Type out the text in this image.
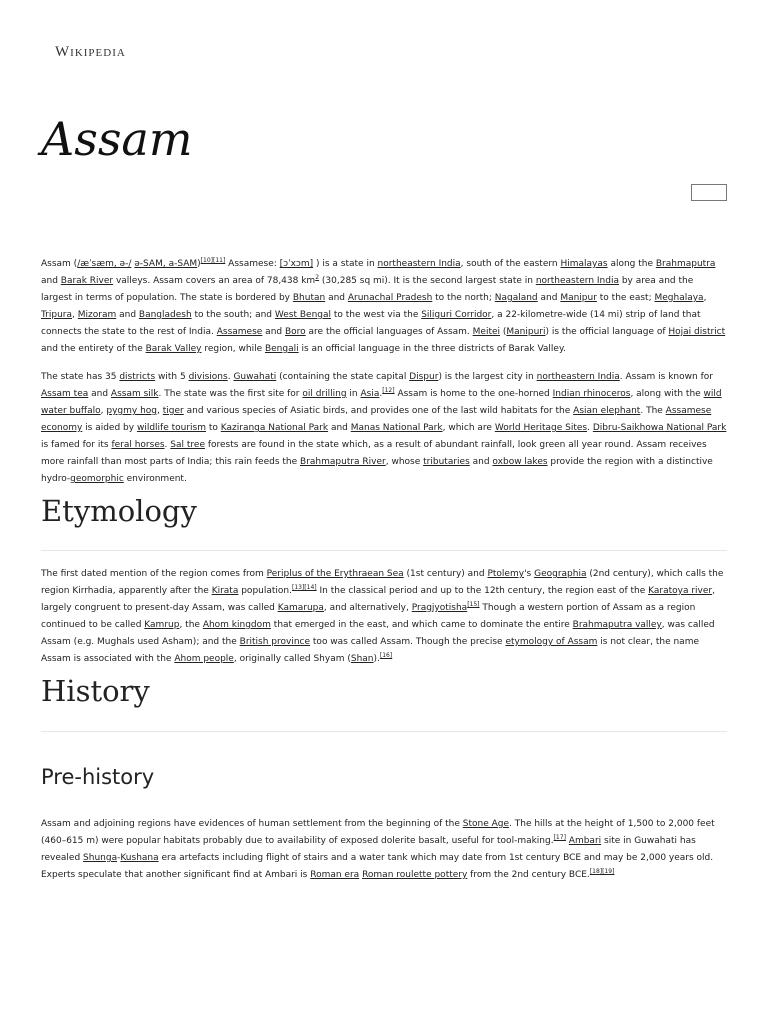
Wikipedia
Assam

Assam (/æˈsæm, ə-/ ə-SAM, a-SAM)[10][11] Assamese: [ɔˈxɔm] ) is a state in northeastern India, south of the eastern Himalayas along the Brahmaputra and Barak River valleys. Assam covers an area of 78,438 km$^2$ (30,285 sq mi). It is the second largest state in northeastern India by area and the largest in terms of population. The state is bordered by Bhutan and Arunachal Pradesh to the north; Nagaland and Manipur to the east; Meghalaya, Tripura, Mizoram and Bangladesh to the south; and West Bengal to the west via the Siliguri Corridor, a 22-kilometre-wide (14 mi) strip of land that connects the state to the rest of India. Assamese and Boro are the official languages of Assam. Meitei (Manipuri) is the official language of Hojai district and the entirety of the Barak Valley region, while Bengali is an official language in the three districts of Barak Valley.

The state has 35 districts with 5 divisions. Guwahati (containing the state capital Dispur) is the largest city in northeastern India. Assam is known for Assam tea and Assam silk. The state was the first site for oil drilling in Asia.[12] Assam is home to the one-horned Indian rhinoceros, along with the wild water buffalo, pygmy hog, tiger and various species of Asiatic birds, and provides one of the last wild habitats for the Asian elephant. The Assamese economy is aided by wildlife tourism to Kaziranga National Park and Manas National Park, which are World Heritage Sites. Dibru-Saikhowa National Park is famed for its feral horses. Sal tree forests are found in the state which, as a result of abundant rainfall, look green all year round. Assam receives more rainfall than most parts of India; this rain feeds the Brahmaputra River, whose tributaries and oxbow lakes provide the region with a distinctive hydro-geomorphic environment.

Etymology

The first dated mention of the region comes from Periplus of the Erythraean Sea (1st century) and Ptolemy's Geographia (2nd century), which calls the region Kirrhadia, apparently after the Kirata population.[13][14] In the classical period and up to the 12th century, the region east of the Karatoya river, largely congruent to present-day Assam, was called Kamarupa, and alternatively, Pragjyotisha[15] Though a western portion of Assam as a region continued to be called Kamrup, the Ahom kingdom that emerged in the east, and which came to dominate the entire Brahmaputra valley, was called Assam (e.g. Mughals used Asham); and the British province too was called Assam. Though the precise etymology of Assam is not clear, the name Assam is associated with the Ahom people, originally called Shyam (Shan).[16]

History
Pre-history

Assam and adjoining regions have evidences of human settlement from the beginning of the Stone Age. The hills at the height of 1,500 to 2,000 feet (460–615 m) were popular habitats probably due to availability of exposed dolerite basalt, useful for tool-making.[17] Ambari site in Guwahati has revealed Shunga-Kushana era artefacts including flight of stairs and a water tank which may date from 1st century BCE and may be 2,000 years old. Experts speculate that another significant find at Ambari is Roman era Roman roulette pottery from the 2nd century BCE.[18][19]
